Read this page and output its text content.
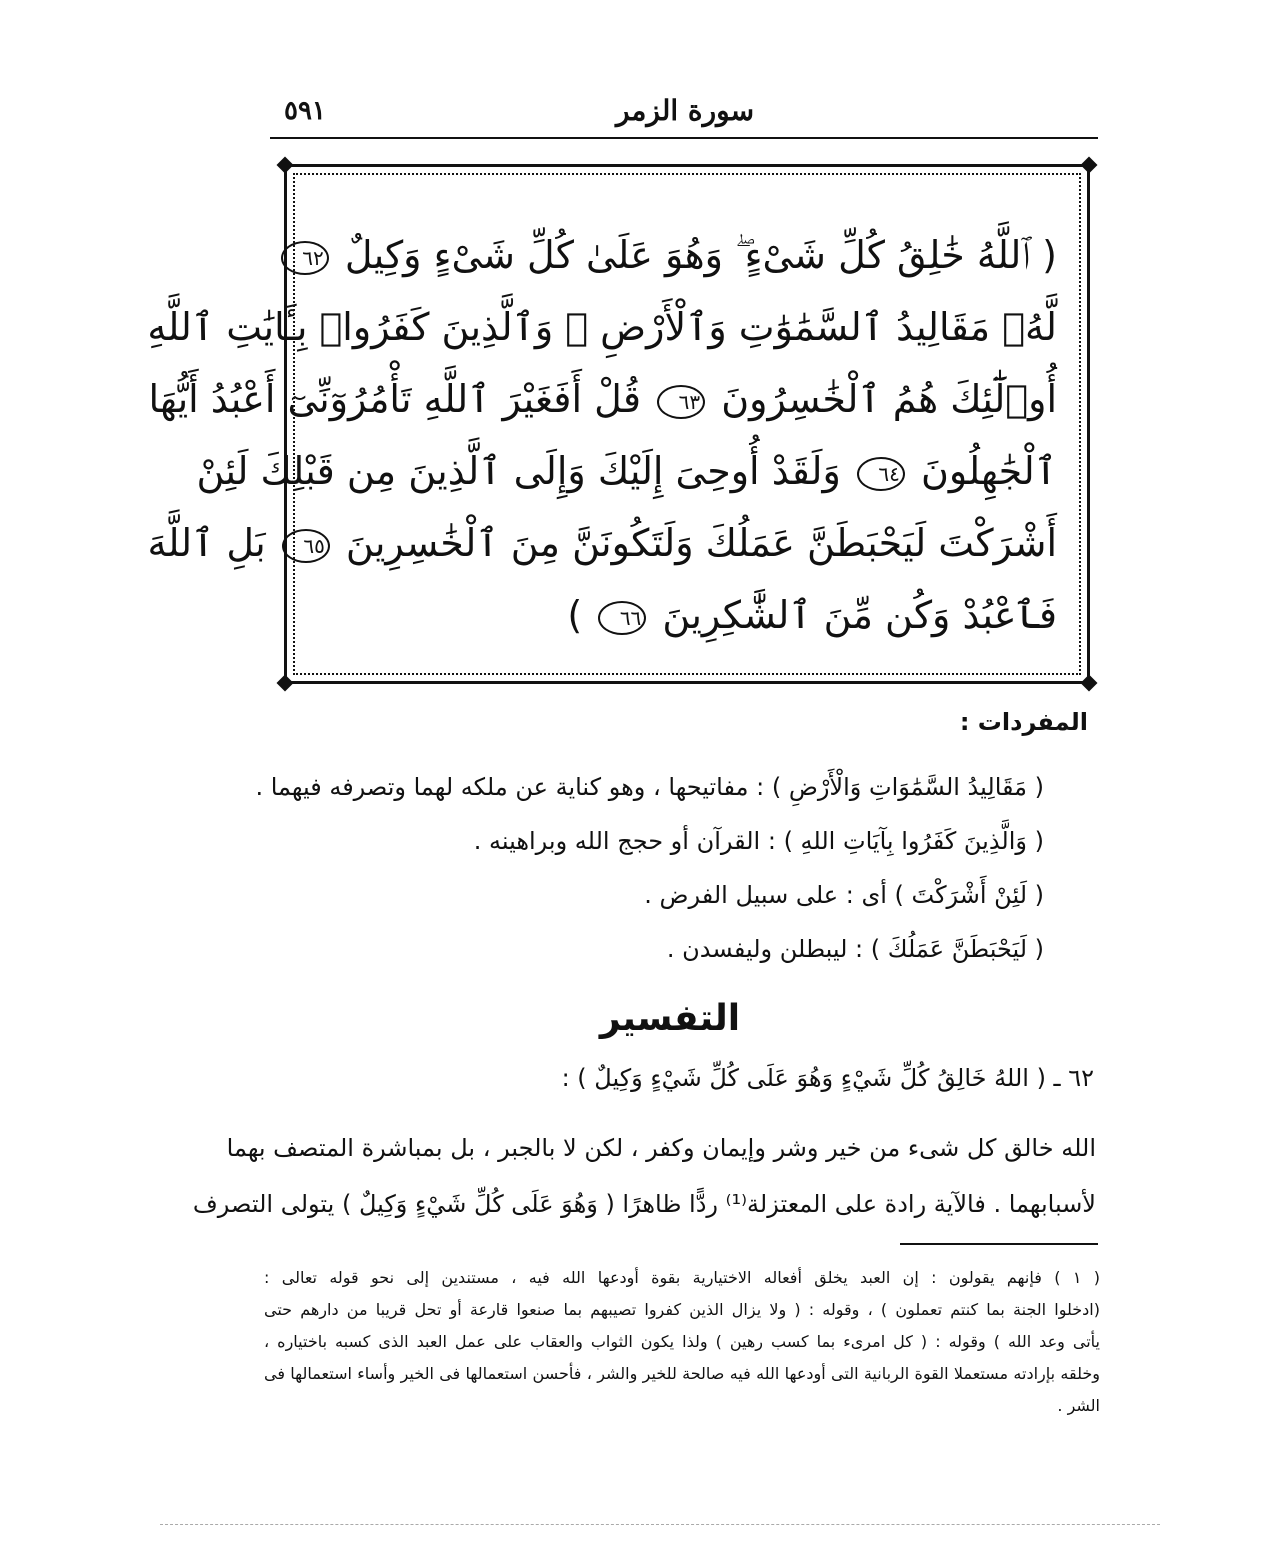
سورة الزمر
٥٩١
( ٱللَّهُ خَٰلِقُ كُلِّ شَىْءٍ ۖ وَهُوَ عَلَىٰ كُلِّ شَىْءٍ وَكِيلٌ ٦٢
لَّهُۥ مَقَالِيدُ ٱلسَّمَٰوَٰتِ وَٱلْأَرْضِ ۗ وَٱلَّذِينَ كَفَرُوا۟ بِـَٔايَٰتِ ٱللَّهِ
أُو۟لَٰٓئِكَ هُمُ ٱلْخَٰسِرُونَ ٦٣ قُلْ أَفَغَيْرَ ٱللَّهِ تَأْمُرُوٓنِّىٓ أَعْبُدُ أَيُّهَا
ٱلْجَٰهِلُونَ ٦٤ وَلَقَدْ أُوحِىَ إِلَيْكَ وَإِلَى ٱلَّذِينَ مِن قَبْلِكَ لَئِنْ
أَشْرَكْتَ لَيَحْبَطَنَّ عَمَلُكَ وَلَتَكُونَنَّ مِنَ ٱلْخَٰسِرِينَ ٦٥ بَلِ ٱللَّهَ
فَٱعْبُدْ وَكُن مِّنَ ٱلشَّٰكِرِينَ ٦٦ )
المفردات :
( مَقَالِيدُ السَّمَٰوَاتِ وَالْأَرْضِ ) : مفاتيحها ، وهو كناية عن ملكه لهما وتصرفه فيهما .
( وَالَّذِينَ كَفَرُوا بِآيَاتِ اللهِ ) : القرآن أو حجج الله وبراهينه .
( لَئِنْ أَشْرَكْتَ ) أى : على سبيل الفرض .
( لَيَحْبَطَنَّ عَمَلُكَ ) : ليبطلن وليفسدن .
التفسير
٦٢ ـ ( اللهُ خَالِقُ كُلِّ شَيْءٍ وَهُوَ عَلَى كُلِّ شَيْءٍ وَكِيلٌ ) :
الله خالق كل شىء من خير وشر وإيمان وكفر ، لكن لا بالجبر ، بل بمباشرة المتصف بهما
لأسبابهما . فالآية رادة على المعتزلة⁽¹⁾ ردًّا ظاهرًا ( وَهُوَ عَلَى كُلِّ شَيْءٍ وَكِيلٌ ) يتولى التصرف
( ١ ) فإنهم يقولون : إن العبد يخلق أفعاله الاختيارية بقوة أودعها الله فيه ، مستندين إلى نحو قوله تعالى :
(ادخلوا الجنة بما كنتم تعملون ) ، وقوله : ( ولا يزال الذين كفروا تصيبهم بما صنعوا قارعة أو تحل قريبا من دارهم حتى
يأتى وعد الله ) وقوله : ( كل امرىء بما كسب رهين ) ولذا يكون الثواب والعقاب على عمل العبد الذى كسبه باختياره ،
وخلقه بإرادته مستعملا القوة الربانية التى أودعها الله فيه صالحة للخير والشر ، فأحسن استعمالها فى الخير وأساء استعمالها فى
الشر .
